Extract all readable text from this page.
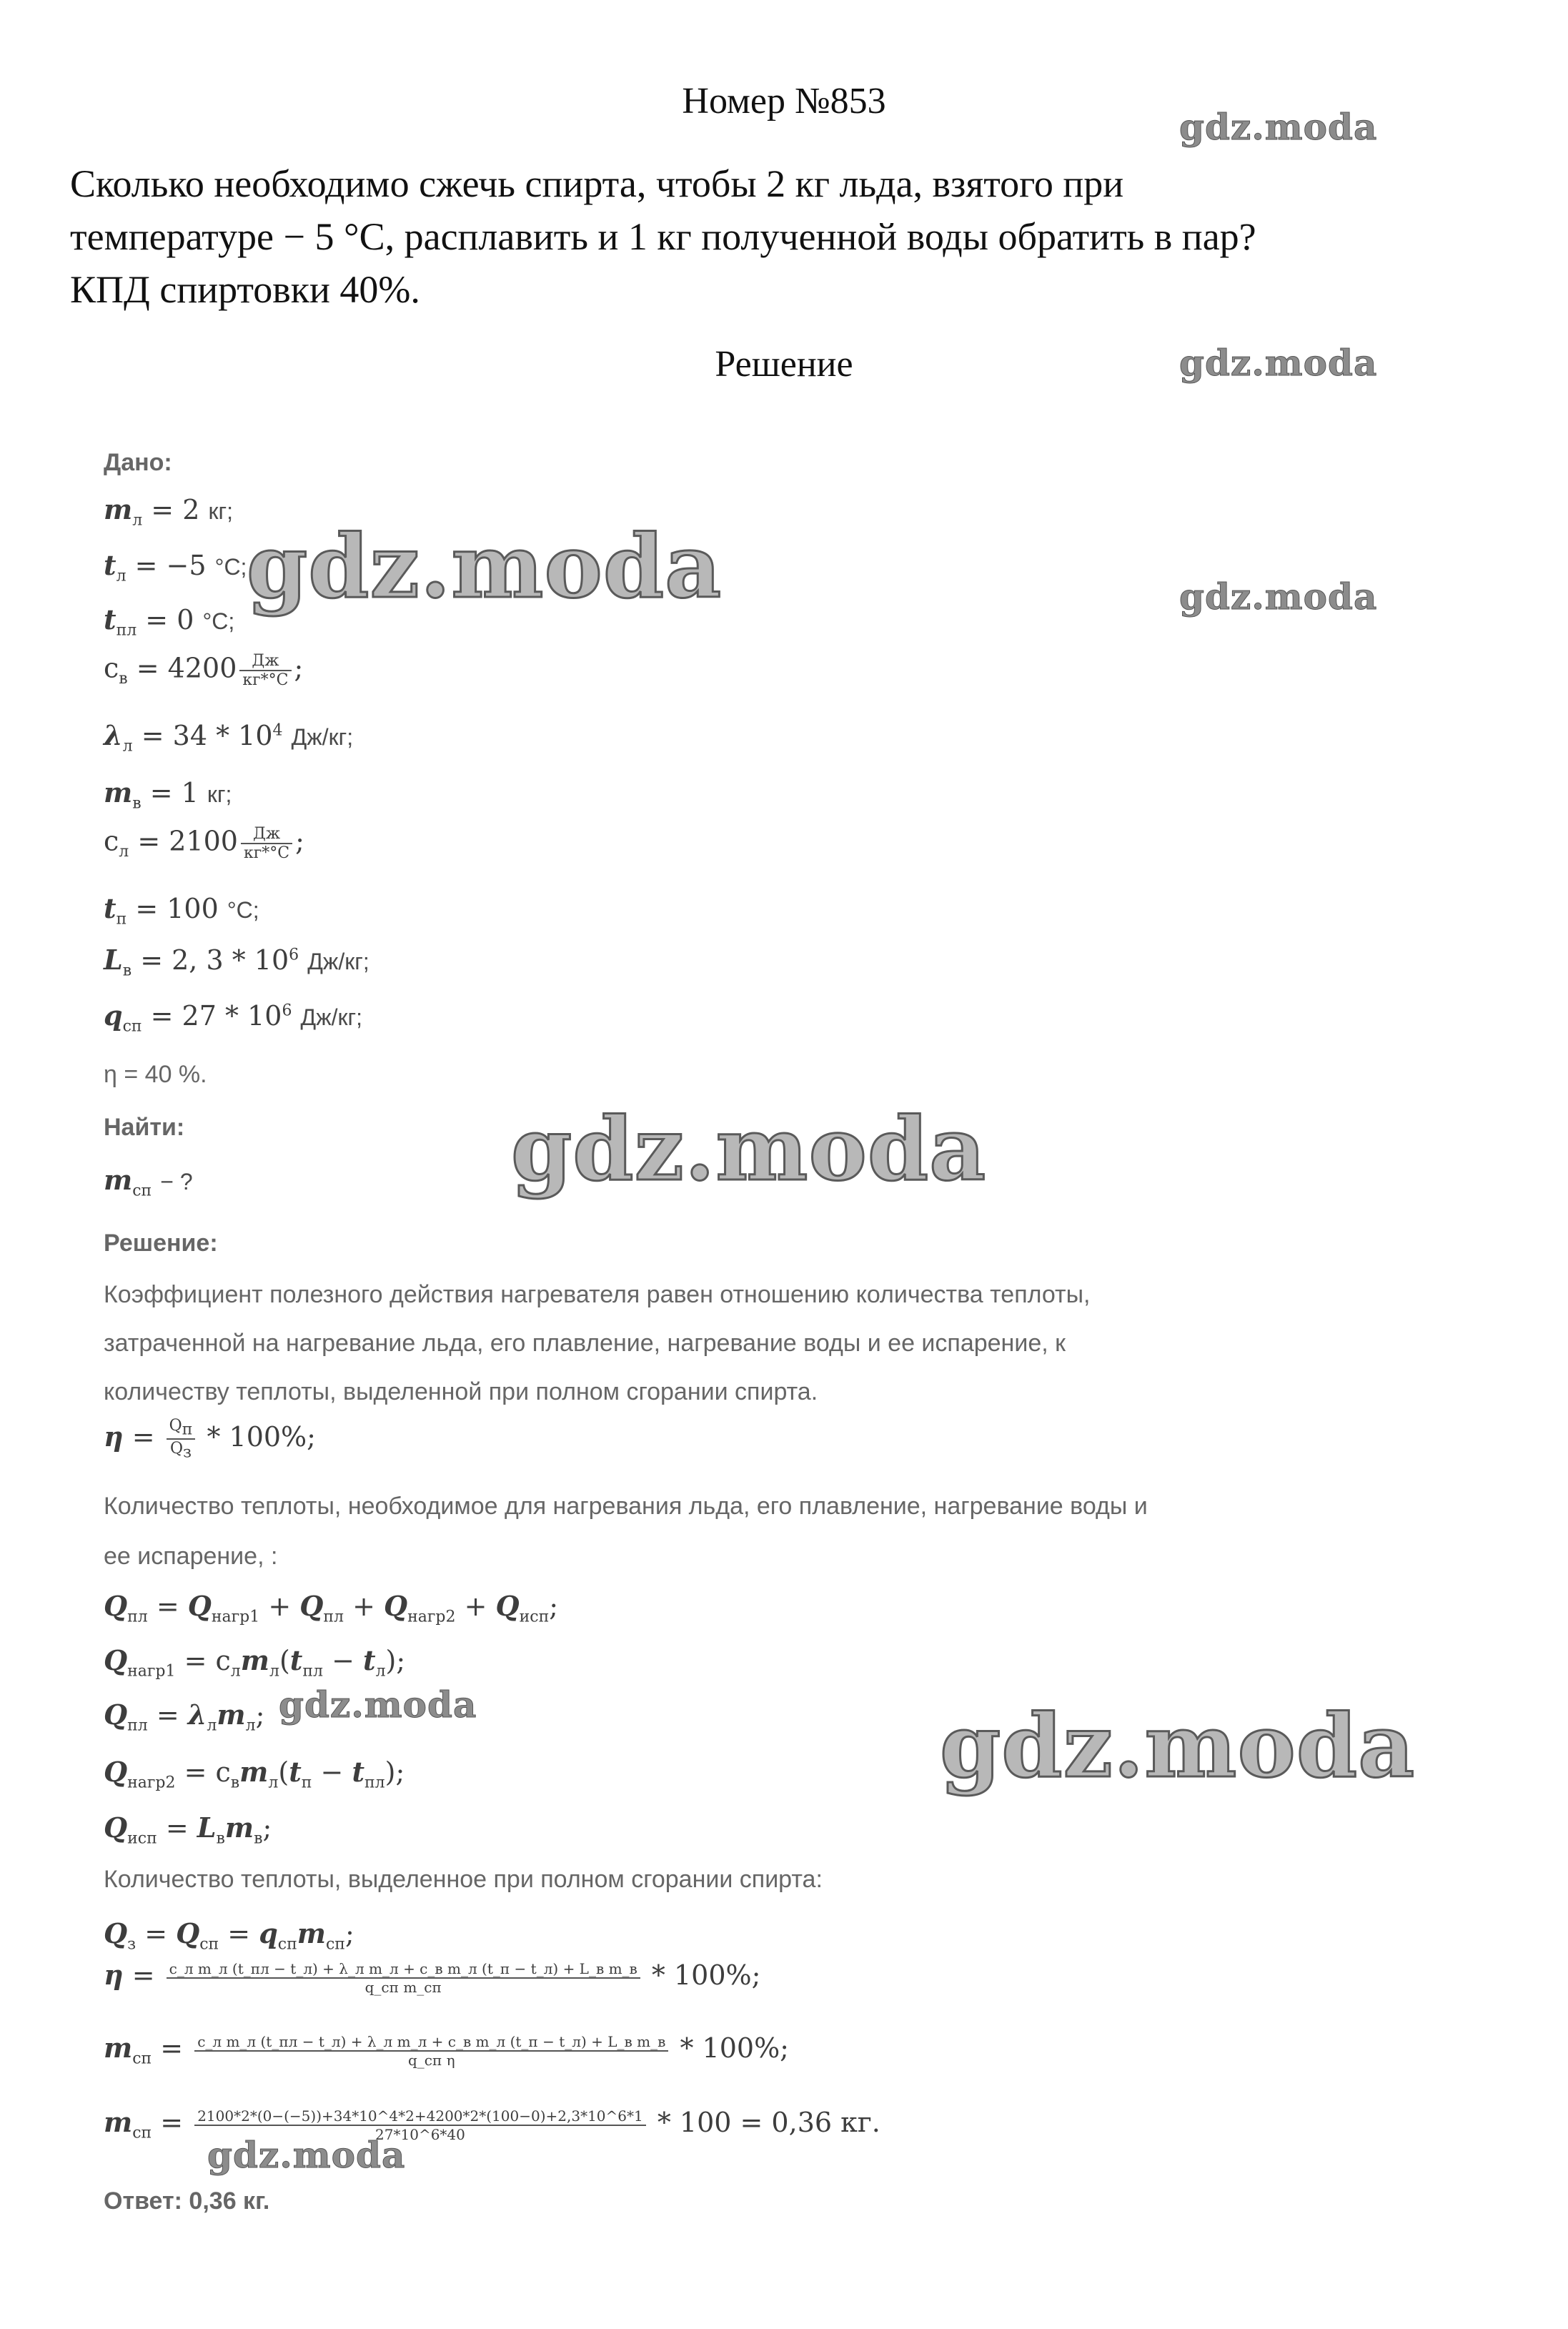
Номер №853
Сколько необходимо сжечь спирта, чтобы 2 кг льда, взятого при
температуре − 5 °С, расплавить и 1 кг полученной воды обратить в пар?
КПД спиртовки 40%.
Решение
gdz.moda
gdz.moda
gdz.moda
gdz.moda
gdz.moda
gdz.moda
gdz.moda
gdz.moda
Дано:
$m_л = 2$ кг;
$t_л = -5$ °С;
$t_{пл} = 0$ °С;
$c_в = 4200 \frac{Дж}{кг*^\circ С}$ ;
$\lambda_л = 34 * 10^4$ Дж/кг;
$m_в = 1$ кг;
$c_л = 2100 \frac{Дж}{кг*^\circ С}$ ;
$t_п = 100$ °С;
$L_в = 2$, $3 * 10^6$ Дж/кг;
$q_{сп} = 27 * 10^6$ Дж/кг;
η = 40 %.
Найти:
$m_{сп}$ − ?
Решение:
Коэффициент полезного действия нагревателя равен отношению количества теплоты,
затраченной на нагревание льда, его плавление, нагревание воды и ее испарение, к
количеству теплоты, выделенной при полном сгорании спирта.
$\eta = \frac{Q_п}{Q_з} * 100\%$;
Количество теплоты, необходимое для нагревания льда, его плавление, нагревание воды и
ее испарение, :
$Q_{пл} = Q_{нагр1} + Q_{пл} + Q_{нагр2} + Q_{исп}$;
$Q_{нагр1} = c_лm_л(t_{пл} - t_л)$;
$Q_{пл} = \lambda_лm_л$;
$Q_{нагр2} = c_вm_л(t_п - t_{пл})$;
$Q_{исп} = L_вm_в$;
Количество теплоты, выделенное при полном сгорании спирта:
$Q_з = Q_{сп} = q_{сп}m_{сп}$;
η = c_л m_л (t_пл − t_л) + λ_л m_л + c_в m_л (t_п − t_л) + L_в m_в
q_сп m_сп	* 100%;
$m_{сп}$ = c_л m_л (t_пл − t_л) + λ_л m_л + c_в m_л (t_п − t_л) + L_в m_в
q_сп η	* 100%;
$m_{сп} = \frac{2100*2*(0-(-5))+34*10\^{}4*2+4200*2*(100-0)+2,3*10\^{}6*1}{27*10\^{}6*40} * 100 = 0,36$ кг.
Ответ: 0,36 кг.
